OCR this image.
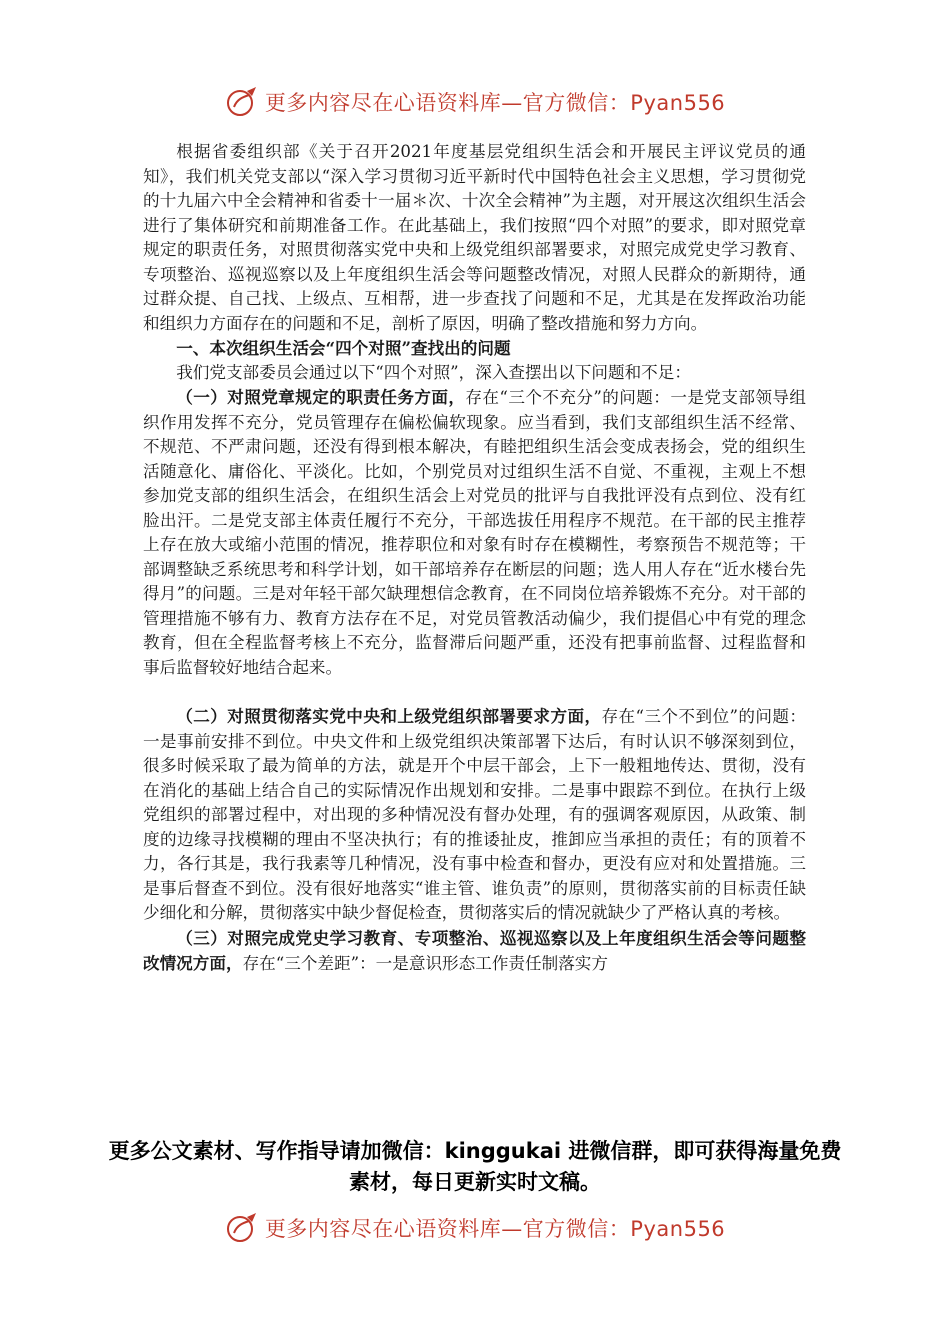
更多内容尽在心语资料库—官方微信：Pyan556

根据省委组织部《关于召开2021年度基层党组织生活会和开展民主评议党员的通知》，我们机关党支部以“深入学习贯彻习近平新时代中国特色社会主义思想，学习贯彻党的十九届六中全会精神和省委十一届＊次、十次全会精神”为主题，对开展这次组织生活会进行了集体研究和前期准备工作。在此基础上，我们按照“四个对照”的要求，即对照党章规定的职责任务，对照贯彻落实党中央和上级党组织部署要求，对照完成党史学习教育、专项整治、巡视巡察以及上年度组织生活会等问题整改情况，对照人民群众的新期待，通过群众提、自己找、上级点、互相帮，进一步查找了问题和不足，尤其是在发挥政治功能和组织力方面存在的问题和不足，剖析了原因，明确了整改措施和努力方向。

一、本次组织生活会“四个对照”查找出的问题

我们党支部委员会通过以下“四个对照”，深入查摆出以下问题和不足：

（一）对照党章规定的职责任务方面，存在“三个不充分”的问题：一是党支部领导组织作用发挥不充分，党员管理存在偏松偏软现象。应当看到，我们支部组织生活不经常、不规范、不严肃问题，还没有得到根本解决，有睦把组织生活会变成表扬会，党的组织生活随意化、庸俗化、平淡化。比如，个别党员对过组织生活不自觉、不重视，主观上不想参加党支部的组织生活会，在组织生活会上对党员的批评与自我批评没有点到位、没有红脸出汗。二是党支部主体责任履行不充分，干部选拔任用程序不规范。在干部的民主推荐上存在放大或缩小范围的情况，推荐职位和对象有时存在模糊性，考察预告不规范等；干部调整缺乏系统思考和科学计划，如干部培养存在断层的问题；选人用人存在“近水楼台先得月”的问题。三是对年轻干部欠缺理想信念教育，在不同岗位培养锻炼不充分。对干部的管理措施不够有力、教育方法存在不足，对党员管教活动偏少，我们提倡心中有党的理念教育，但在全程监督考核上不充分，监督滞后问题严重，还没有把事前监督、过程监督和事后监督较好地结合起来。

（二）对照贯彻落实党中央和上级党组织部署要求方面，存在“三个不到位”的问题：一是事前安排不到位。中央文件和上级党组织决策部署下达后，有时认识不够深刻到位，很多时候采取了最为简单的方法，就是开个中层干部会，上下一般粗地传达、贯彻，没有在消化的基础上结合自己的实际情况作出规划和安排。二是事中跟踪不到位。在执行上级党组织的部署过程中，对出现的多种情况没有督办处理，有的强调客观原因，从政策、制度的边缘寻找模糊的理由不坚决执行；有的推诿扯皮，推卸应当承担的责任；有的顶着不力，各行其是，我行我素等几种情况，没有事中检查和督办，更没有应对和处置措施。三是事后督查不到位。没有很好地落实“谁主管、谁负责”的原则，贯彻落实前的目标责任缺少细化和分解，贯彻落实中缺少督促检查，贯彻落实后的情况就缺少了严格认真的考核。

（三）对照完成党史学习教育、专项整治、巡视巡察以及上年度组织生活会等问题整改情况方面，存在“三个差距”：一是意识形态工作责任制落实方

更多公文素材、写作指导请加微信：kinggukai 进微信群，即可获得海量免费素材，每日更新实时文稿。
更多内容尽在心语资料库—官方微信：Pyan556
